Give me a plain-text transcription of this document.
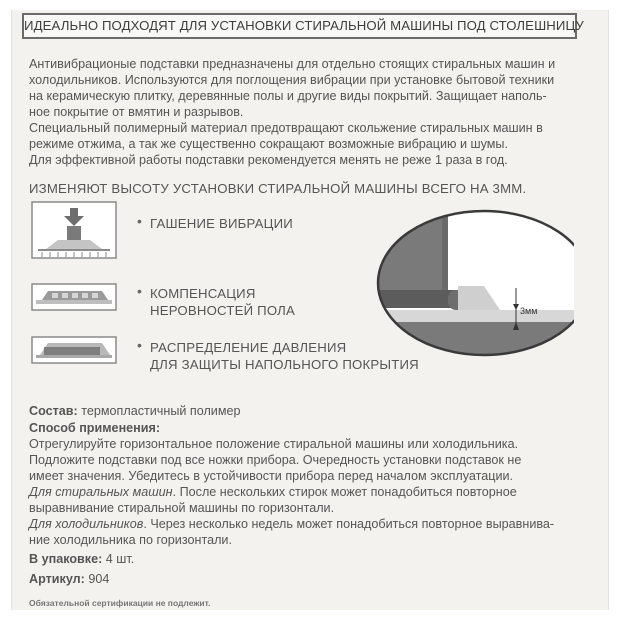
ИДЕАЛЬНО ПОДХОДЯТ ДЛЯ УСТАНОВКИ СТИРАЛЬНОЙ МАШИНЫ ПОД СТОЛЕШНИЦУ

Антивибрационые подставки предназначены для отдельно стоящих стиральных машин и

холодильников. Используются для поглощения вибрации при установке бытовой техники

на керамическую плитку, деревянные полы и другие виды покрытий. Защищает наполь-

ное покрытие от вмятин и разрывов.

Специальный полимерный материал предотвращают скольжение стиральных машин в

режиме отжима, а так же существенно сокращают возможные вибрацию и шумы.

Для эффективной работы подставки рекомендуется менять не реже 1 раза в год.

ИЗМЕНЯЮТ ВЫСОТУ УСТАНОВКИ СТИРАЛЬНОЙ МАШИНЫ ВСЕГО НА 3ММ.
• ГАШЕНИЕ ВИБРАЦИИ
• КОМПЕНСАЦИЯ
НЕРОВНОСТЕЙ ПОЛА
• РАСПРЕДЕЛЕНИЕ ДАВЛЕНИЯ
ДЛЯ ЗАЩИТЫ НАПОЛЬНОГО ПОКРЫТИЯ
3мм
Состав: термопластичный полимер
Способ применения:
Отрегулируйте горизонтальное положение стиральной машины или холодильника.
Подложите подставки под все ножки прибора. Очередность установки подставок не
имеет значения. Убедитесь в устойчивости прибора перед началом эксплуатации.
Для стиральных машин. После нескольких стирок может понадобиться повторное
выравнивание стиральной машины по горизонтали.
Для холодильников. Через несколько недель может понадобиться повторное выравнива-
ние холодильника по горизонтали.
В упаковке: 4 шт.
Артикул: 904
Обязательной сертификации не подлежит.
